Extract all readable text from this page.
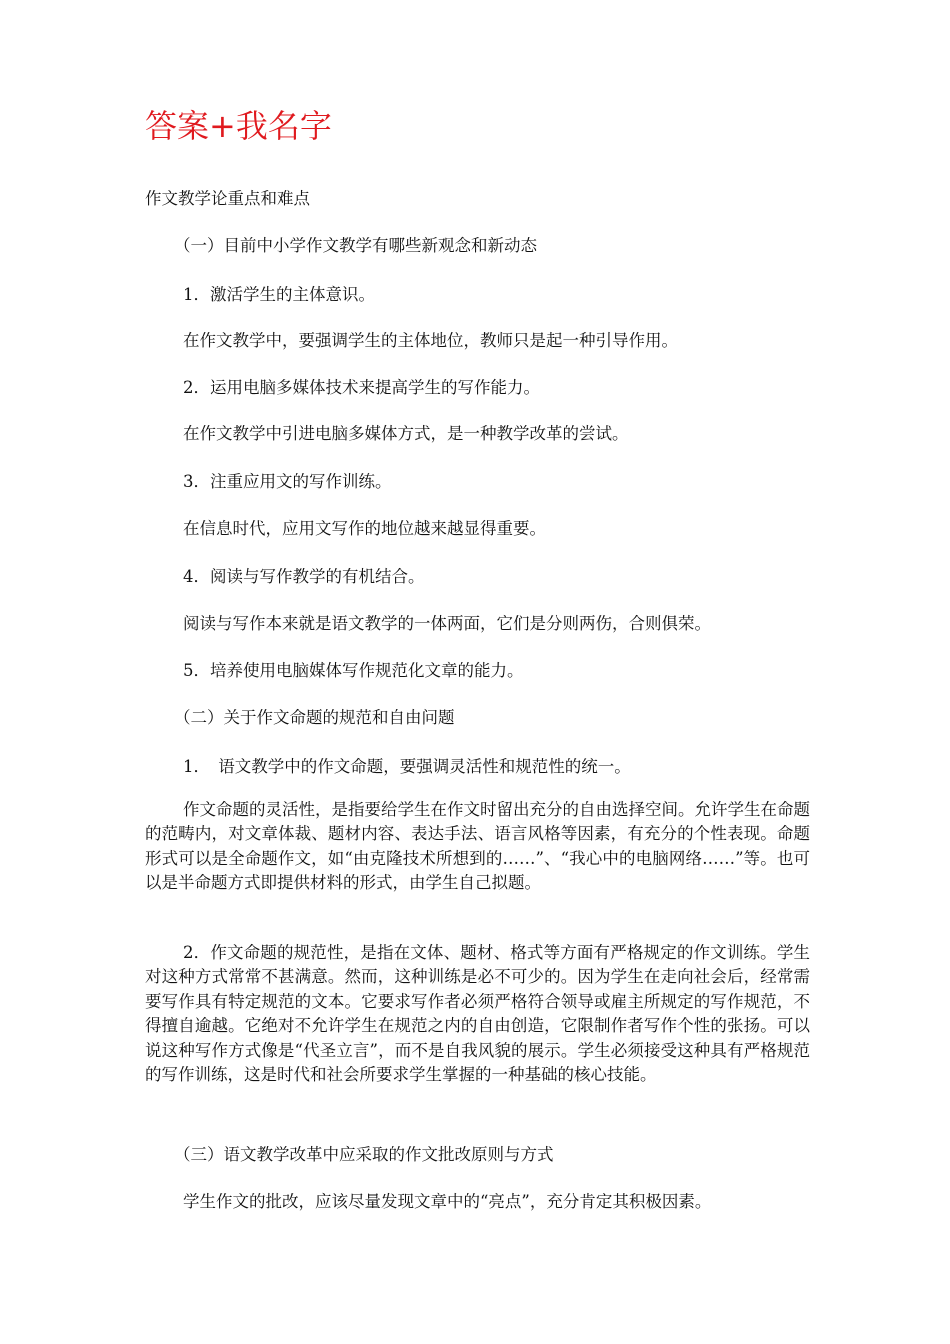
答案+我名字
作文教学论重点和难点
（一）目前中小学作文教学有哪些新观念和新动态
1．激活学生的主体意识。
在作文教学中，要强调学生的主体地位，教师只是起一种引导作用。
2．运用电脑多媒体技术来提高学生的写作能力。
在作文教学中引进电脑多媒体方式，是一种教学改革的尝试。
3．注重应用文的写作训练。
在信息时代，应用文写作的地位越来越显得重要。
4．阅读与写作教学的有机结合。
阅读与写作本来就是语文教学的一体两面，它们是分则两伤，合则俱荣。
5．培养使用电脑媒体写作规范化文章的能力。
（二）关于作文命题的规范和自由问题
1．　语文教学中的作文命题，要强调灵活性和规范性的统一。
作文命题的灵活性，是指要给学生在作文时留出充分的自由选择空间。允许学生在命题的范畴内，对文章体裁、题材内容、表达手法、语言风格等因素，有充分的个性表现。命题形式可以是全命题作文，如“由克隆技术所想到的……”、“我心中的电脑网络……”等。也可以是半命题方式即提供材料的形式，由学生自己拟题。
2．作文命题的规范性，是指在文体、题材、格式等方面有严格规定的作文训练。学生对这种方式常常不甚满意。然而，这种训练是必不可少的。因为学生在走向社会后，经常需要写作具有特定规范的文本。它要求写作者必须严格符合领导或雇主所规定的写作规范，不得擅自逾越。它绝对不允许学生在规范之内的自由创造，它限制作者写作个性的张扬。可以说这种写作方式像是“代圣立言”，而不是自我风貌的展示。学生必须接受这种具有严格规范的写作训练，这是时代和社会所要求学生掌握的一种基础的核心技能。
（三）语文教学改革中应采取的作文批改原则与方式
学生作文的批改，应该尽量发现文章中的“亮点”，充分肯定其积极因素。
